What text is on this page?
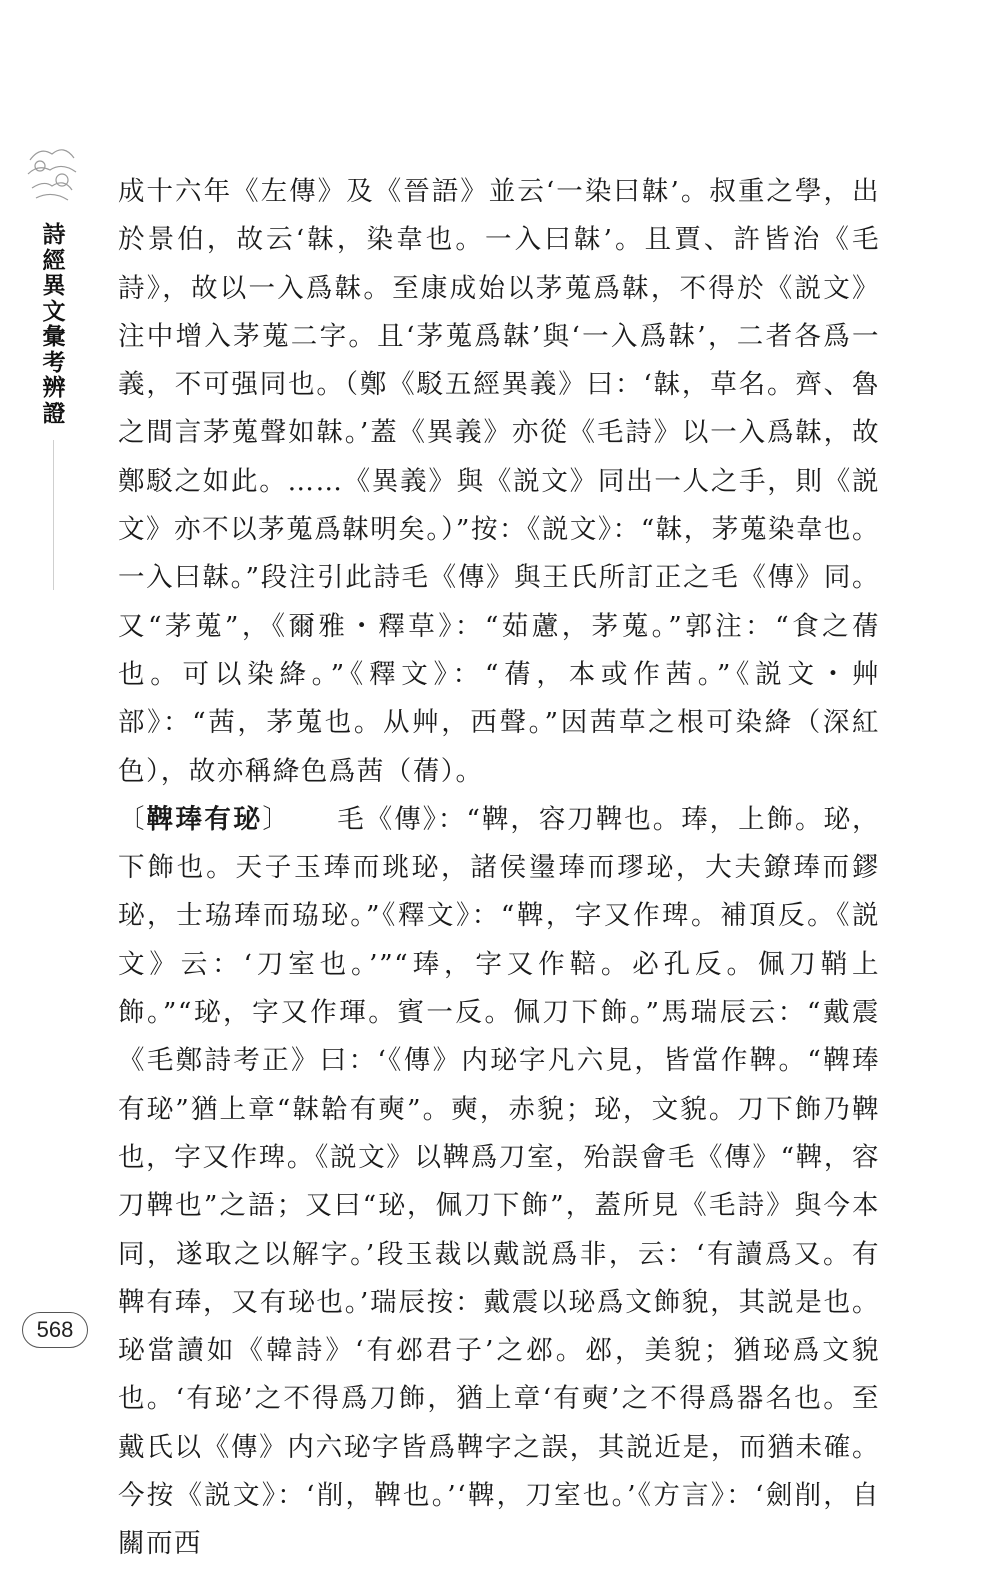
詩經異文彙考辨證

成十六年《左傳》及《晉語》並云‘一染曰韎’。叔重之學，出於景伯，故云‘韎，染韋也。一入曰韎’。且賈、許皆治《毛詩》，故以一入爲韎。至康成始以茅蒐爲韎，不得於《説文》注中增入茅蒐二字。且‘茅蒐爲韎’與‘一入爲韎’，二者各爲一義，不可强同也。（鄭《駁五經異義》曰：‘韎，草名。齊、魯之間言茅蒐聲如韎。’蓋《異義》亦從《毛詩》以一入爲韎，故鄭駁之如此。……《異義》與《説文》同出一人之手，則《説文》亦不以茅蒐爲韎明矣。）”按：《説文》：“韎，茅蒐染韋也。一入曰韎。”段注引此詩毛《傳》與王氏所訂正之毛《傳》同。又“茅蒐”，《爾雅・釋草》：“茹藘，茅蒐。”郭注：“食之蒨也。可以染絳。”《釋文》：“蒨，本或作茜。”《説文・艸部》：“茜，茅蒐也。从艸，西聲。”因茜草之根可染絳（深紅色），故亦稱絳色爲茜（蒨）。

〔鞞琫有珌〕 毛《傳》：“鞞，容刀鞞也。琫，上飾。珌，下飾也。天子玉琫而珧珌，諸侯璗琫而璆珌，大夫鐐琫而鏐珌，士珕琫而珕珌。”《釋文》：“鞞，字又作琕。補頂反。《説文》云：‘刀室也。’”“琫，字又作鞛。必孔反。佩刀鞘上飾。”“珌，字又作琿。賓一反。佩刀下飾。”馬瑞辰云：“戴震《毛鄭詩考正》曰：‘《傳》内珌字凡六見，皆當作鞞。“鞞琫有珌”猶上章“韎韐有奭”。奭，赤貌；珌，文貌。刀下飾乃鞞也，字又作琕。《説文》以鞞爲刀室，殆誤會毛《傳》“鞞，容刀鞞也”之語；又曰“珌，佩刀下飾”，蓋所見《毛詩》與今本同，遂取之以解字。’段玉裁以戴説爲非，云：‘有讀爲又。有鞞有琫，又有珌也。’瑞辰按：戴震以珌爲文飾貌，其説是也。珌當讀如《韓詩》‘有邲君子’之邲。邲，美貌；猶珌爲文貌也。‘有珌’之不得爲刀飾，猶上章‘有奭’之不得爲器名也。至戴氏以《傳》内六珌字皆爲鞞字之誤，其説近是，而猶未確。今按《説文》：‘削，鞞也。’‘鞞，刀室也。’《方言》：‘劍削，自關而西

568
